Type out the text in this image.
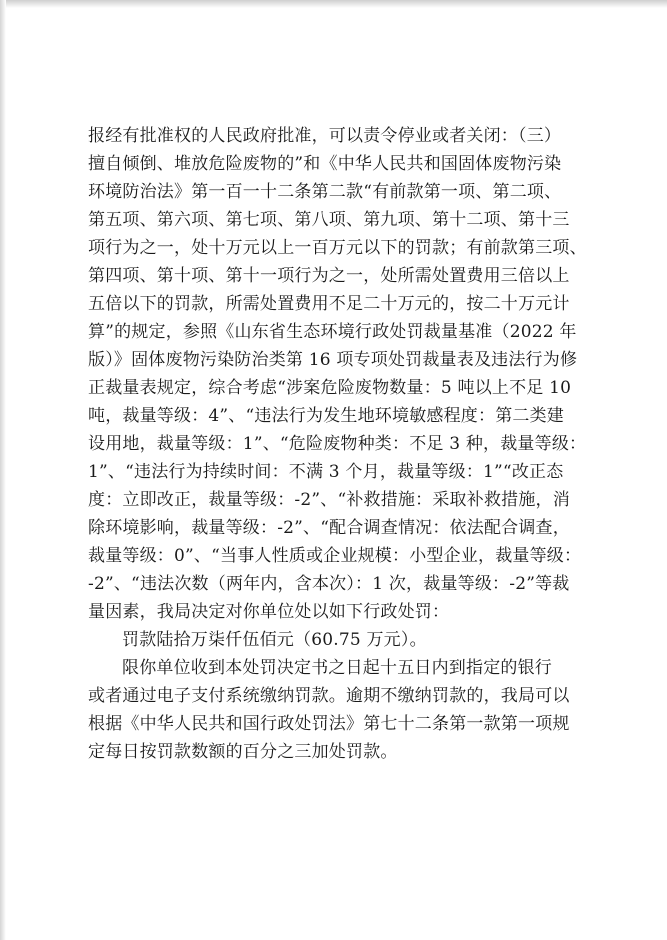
报经有批准权的人民政府批准，可以责令停业或者关闭：（三）
擅自倾倒、堆放危险废物的”和《中华人民共和国固体废物污染
环境防治法》第一百一十二条第二款“有前款第一项、第二项、
第五项、第六项、第七项、第八项、第九项、第十二项、第十三
项行为之一，处十万元以上一百万元以下的罚款；有前款第三项、
第四项、第十项、第十一项行为之一，处所需处置费用三倍以上
五倍以下的罚款，所需处置费用不足二十万元的，按二十万元计
算”的规定，参照《山东省生态环境行政处罚裁量基准（2022 年
版）》固体废物污染防治类第 16 项专项处罚裁量表及违法行为修
正裁量表规定，综合考虑“涉案危险废物数量：5 吨以上不足 10
吨，裁量等级：4”、“违法行为发生地环境敏感程度：第二类建
设用地，裁量等级：1”、“危险废物种类：不足 3 种，裁量等级：
1”、“违法行为持续时间：不满 3 个月，裁量等级：1”“改正态
度：立即改正，裁量等级：-2”、“补救措施：采取补救措施，消
除环境影响，裁量等级：-2”、“配合调查情况：依法配合调查，
裁量等级：0”、“当事人性质或企业规模：小型企业，裁量等级：
-2”、“违法次数（两年内，含本次）：1 次，裁量等级：-2”等裁
量因素，我局决定对你单位处以如下行政处罚：
罚款陆拾万柒仟伍佰元（60.75 万元）。
限你单位收到本处罚决定书之日起十五日内到指定的银行
或者通过电子支付系统缴纳罚款。逾期不缴纳罚款的，我局可以
根据《中华人民共和国行政处罚法》第七十二条第一款第一项规
定每日按罚款数额的百分之三加处罚款。
